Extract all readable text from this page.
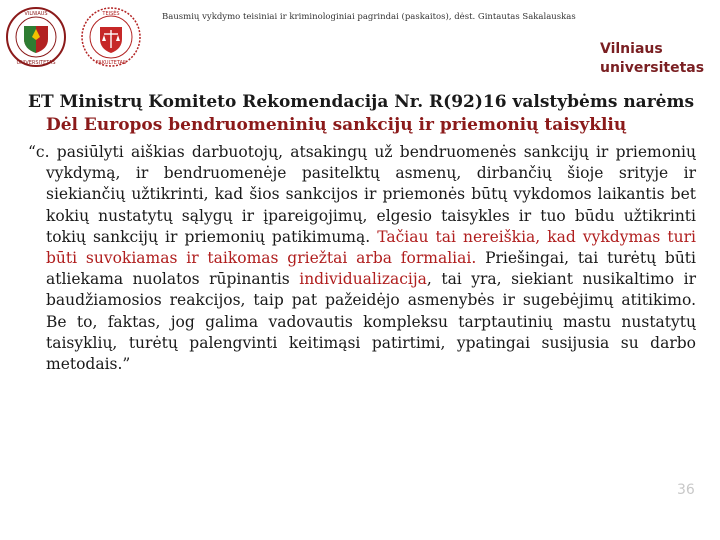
VILNIAUS
UNIVERSITETAS
TEISĖS
FAKULTETAS
Bausmių vykdymo teisiniai ir kriminologiniai pagrindai (paskaitos), dėst. Gintautas Sakalauskas
Vilniaus
universitetas

ET Ministrų Komiteto Rekomendacija Nr. R(92)16 valstybėms narėms Dėl Europos bendruomeninių sankcijų ir priemonių taisyklių

“c. pasiūlyti aiškias darbuotojų, atsakingų už bendruomenės sankcijų ir priemonių vykdymą, ir bendruomenėje pasitelktų asmenų, dirbančių šioje srityje ir siekiančių užtikrinti, kad šios sankcijos ir priemonės būtų vykdomos laikantis bet kokių nustatytų sąlygų ir įpareigojimų, elgesio taisykles ir tuo būdu užtikrinti tokių sankcijų ir priemonių patikimumą. Tačiau tai nereiškia, kad vykdymas turi būti suvokiamas ir taikomas griežtai arba formaliai. Priešingai, tai turėtų būti atliekama nuolatos rūpinantis individualizacija, tai yra, siekiant nusikaltimo ir baudžiamosios reakcijos, taip pat pažeidėjo asmenybės ir sugebėjimų atitikimo. Be to, faktas, jog galima vadovautis kompleksu tarptautinių mastu nustatytų taisyklių, turėtų palengvinti keitimąsi patirtimi, ypatingai susijusia su darbo metodais.”

36
